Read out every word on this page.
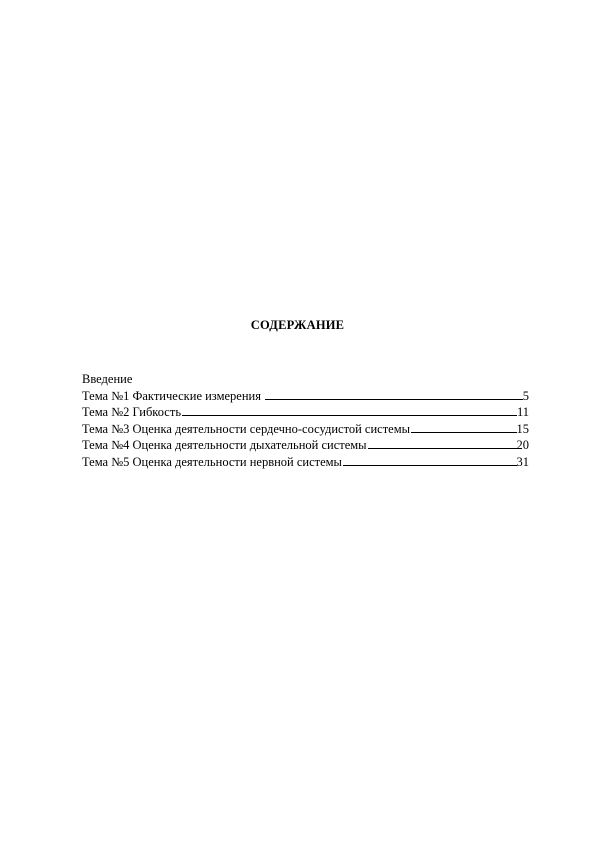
СОДЕРЖАНИЕ
Введение
Тема №1 Фактические измерения	5
Тема №2 Гибкость	11
Тема №3 Оценка деятельности сердечно-сосудистой системы	15
Тема №4 Оценка деятельности дыхательной системы	20
Тема №5 Оценка деятельности нервной системы	31
